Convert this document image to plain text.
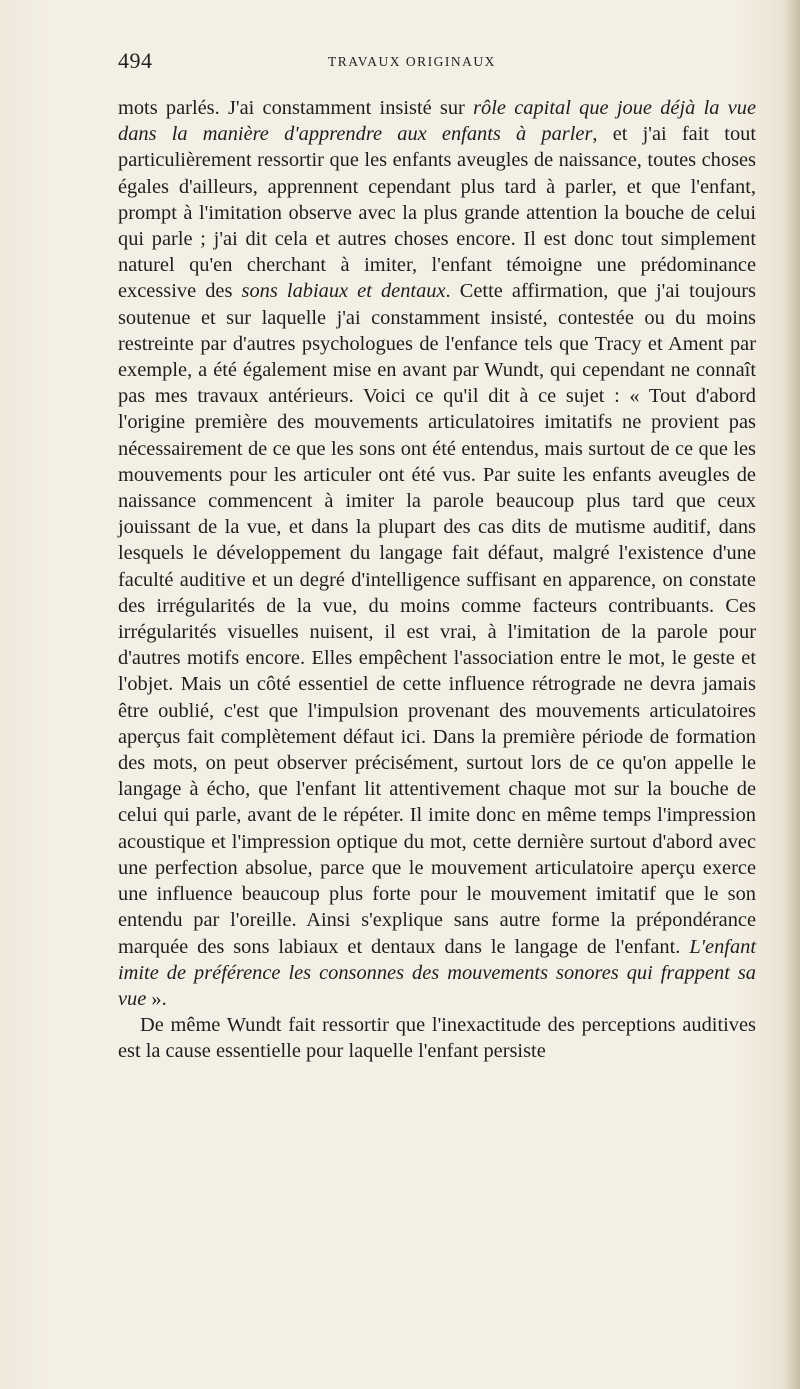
494	TRAVAUX ORIGINAUX

mots parlés. J'ai constamment insisté sur rôle capital que joue déjà la vue dans la manière d'apprendre aux enfants à parler, et j'ai fait tout particulièrement ressortir que les enfants aveugles de naissance, toutes choses égales d'ailleurs, apprennent cependant plus tard à parler, et que l'enfant, prompt à l'imitation observe avec la plus grande attention la bouche de celui qui parle ; j'ai dit cela et autres choses encore. Il est donc tout simplement naturel qu'en cherchant à imiter, l'enfant témoigne une prédominance excessive des sons labiaux et dentaux. Cette affirmation, que j'ai toujours soutenue et sur laquelle j'ai constamment insisté, contestée ou du moins restreinte par d'autres psychologues de l'enfance tels que Tracy et Ament par exemple, a été également mise en avant par Wundt, qui cependant ne connaît pas mes travaux antérieurs. Voici ce qu'il dit à ce sujet : « Tout d'abord l'origine première des mouvements articulatoires imitatifs ne provient pas nécessairement de ce que les sons ont été entendus, mais surtout de ce que les mouvements pour les articuler ont été vus. Par suite les enfants aveugles de naissance commencent à imiter la parole beaucoup plus tard que ceux jouissant de la vue, et dans la plupart des cas dits de mutisme auditif, dans lesquels le développement du langage fait défaut, malgré l'existence d'une faculté auditive et un degré d'intelligence suffisant en apparence, on constate des irrégularités de la vue, du moins comme facteurs contribuants. Ces irrégularités visuelles nuisent, il est vrai, à l'imitation de la parole pour d'autres motifs encore. Elles empêchent l'association entre le mot, le geste et l'objet. Mais un côté essentiel de cette influence rétrograde ne devra jamais être oublié, c'est que l'impulsion provenant des mouvements articulatoires aperçus fait complètement défaut ici. Dans la première période de formation des mots, on peut observer précisément, surtout lors de ce qu'on appelle le langage à écho, que l'enfant lit attentivement chaque mot sur la bouche de celui qui parle, avant de le répéter. Il imite donc en même temps l'impression acoustique et l'impression optique du mot, cette dernière surtout d'abord avec une perfection absolue, parce que le mouvement articulatoire aperçu exerce une influence beaucoup plus forte pour le mouvement imitatif que le son entendu par l'oreille. Ainsi s'explique sans autre forme la prépondérance marquée des sons labiaux et dentaux dans le langage de l'enfant. L'enfant imite de préférence les consonnes des mouvements sonores qui frappent sa vue ».

De même Wundt fait ressortir que l'inexactitude des perceptions auditives est la cause essentielle pour laquelle l'enfant persiste
